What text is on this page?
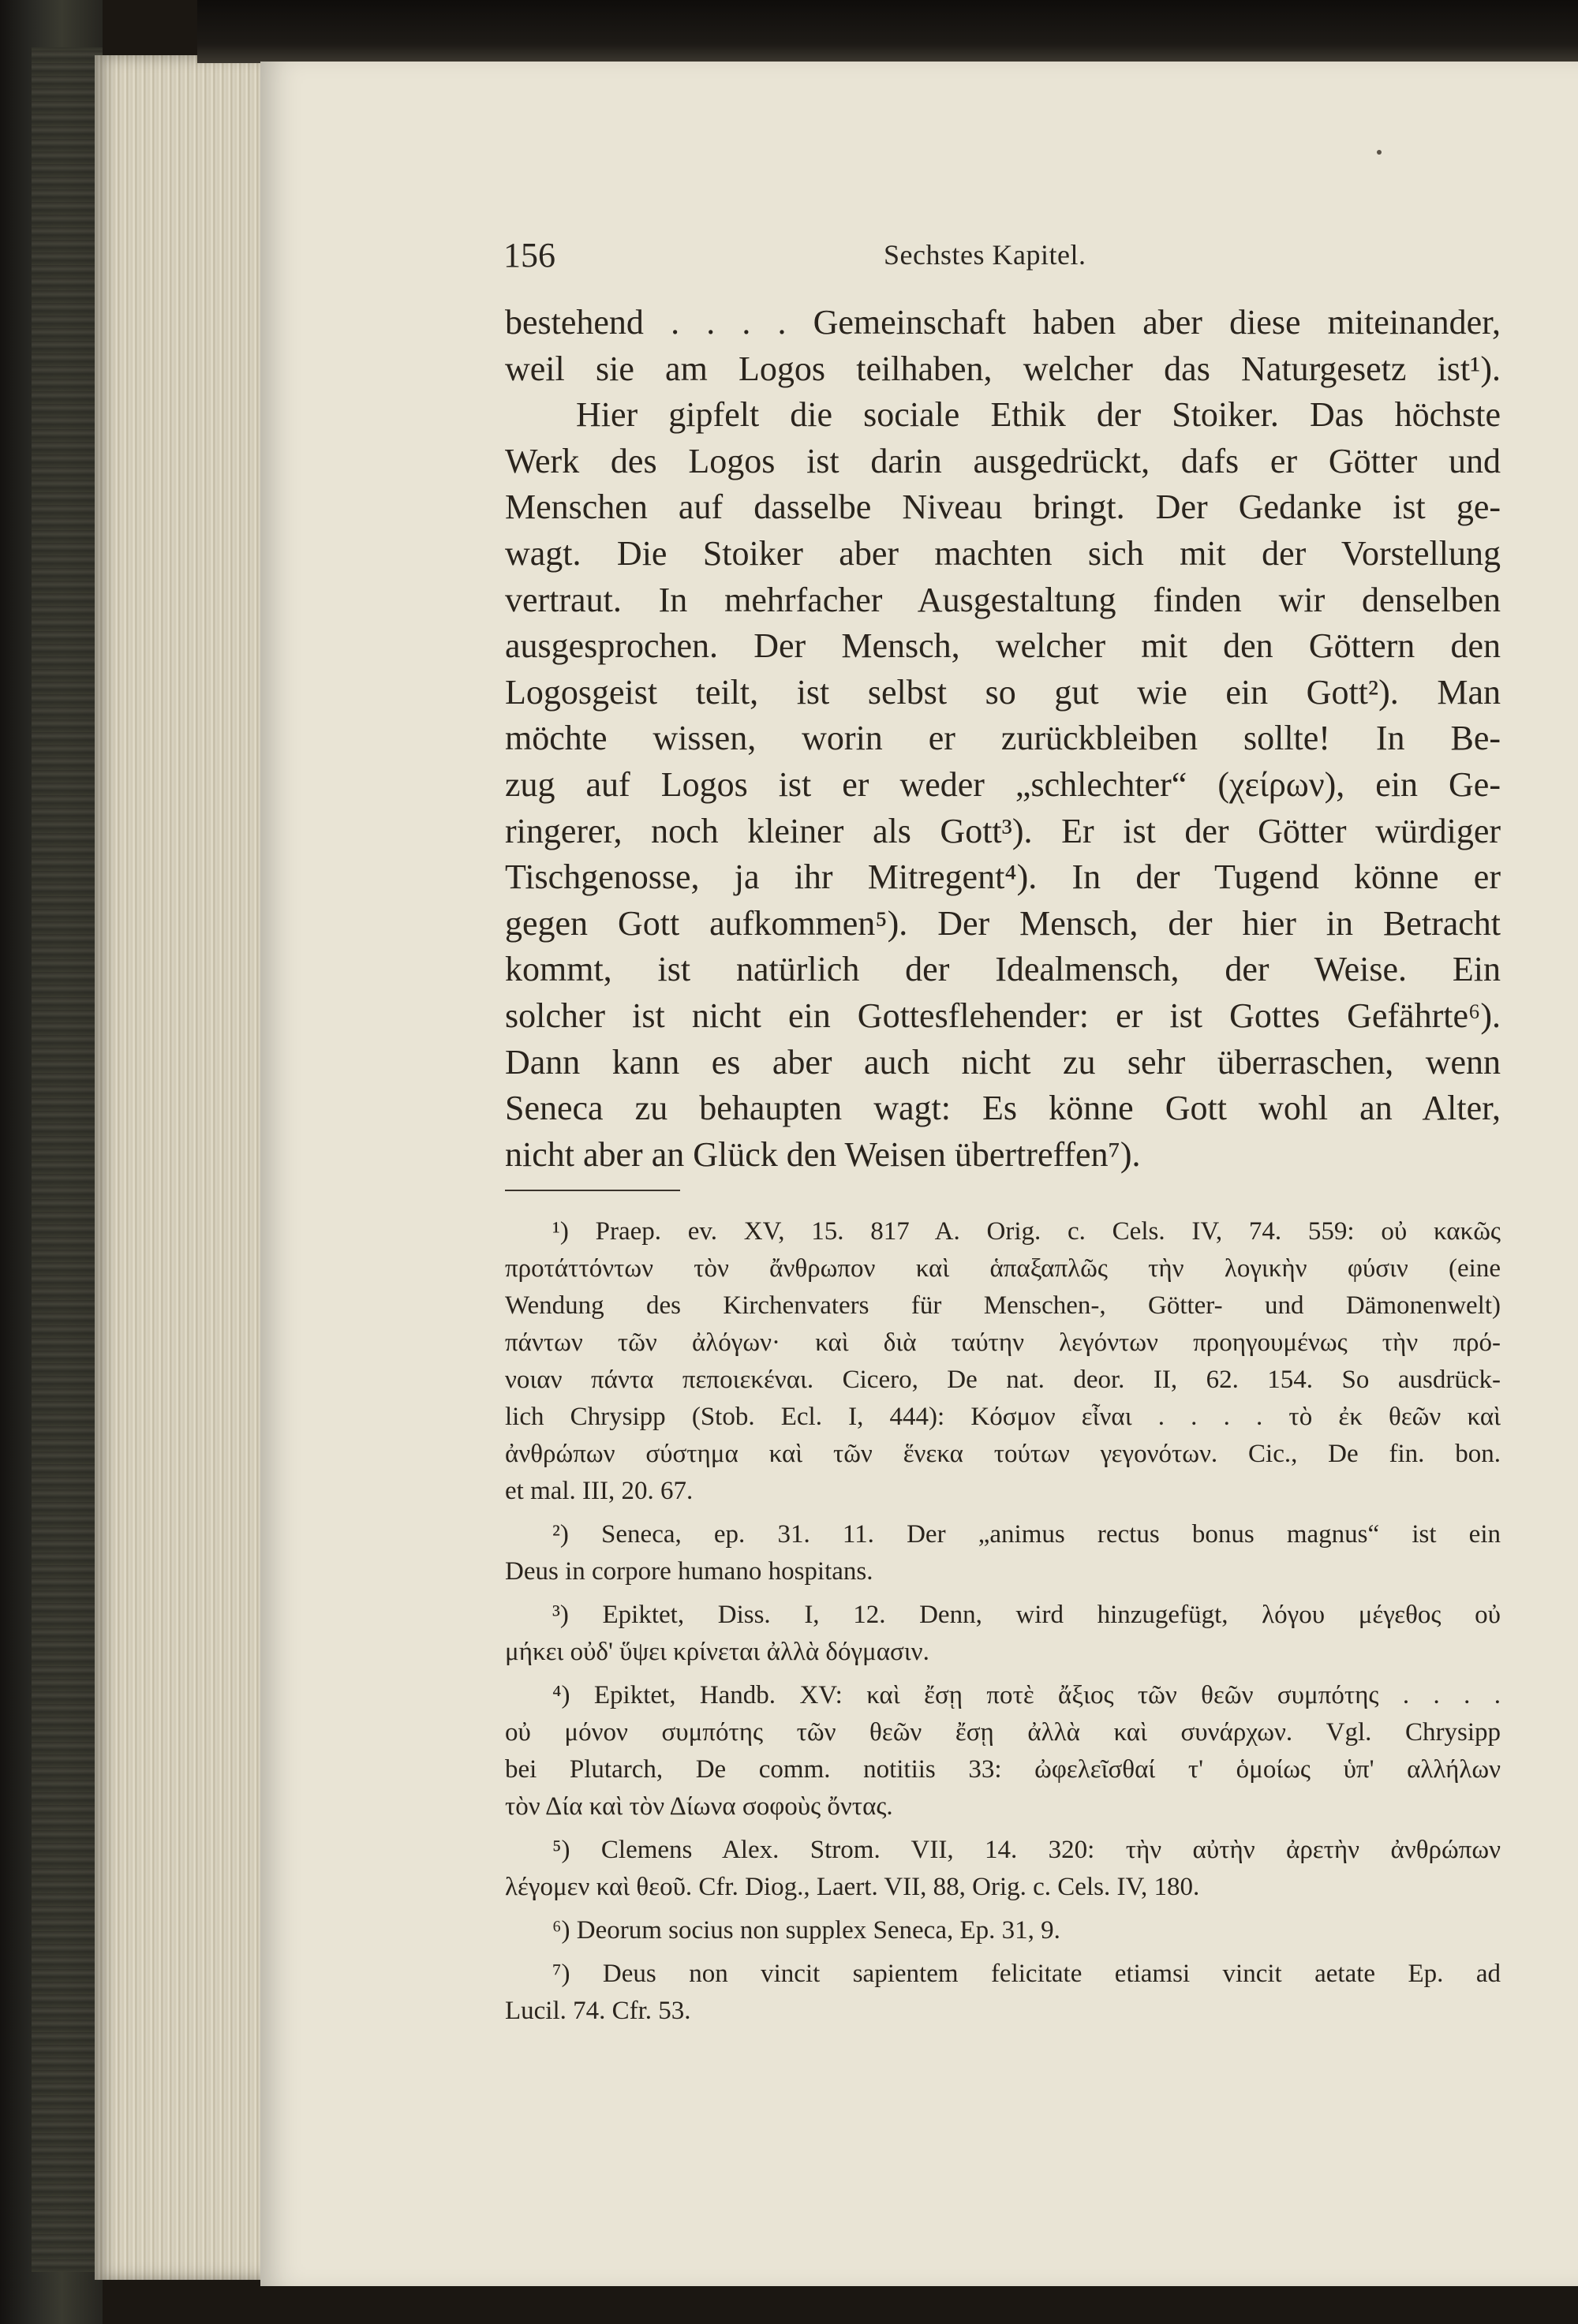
156	Sechstes Kapitel.
bestehend . . . . Gemeinschaft haben aber diese miteinander,
weil sie am Logos teilhaben, welcher das Naturgesetz ist¹).
Hier gipfelt die sociale Ethik der Stoiker. Das höchste
Werk des Logos ist darin ausgedrückt, dafs er Götter und
Menschen auf dasselbe Niveau bringt. Der Gedanke ist ge-
wagt. Die Stoiker aber machten sich mit der Vorstellung
vertraut. In mehrfacher Ausgestaltung finden wir denselben
ausgesprochen. Der Mensch, welcher mit den Göttern den
Logosgeist teilt, ist selbst so gut wie ein Gott²). Man
möchte wissen, worin er zurückbleiben sollte! In Be-
zug auf Logos ist er weder „schlechter“ (χείρων), ein Ge-
ringerer, noch kleiner als Gott³). Er ist der Götter würdiger
Tischgenosse, ja ihr Mitregent⁴). In der Tugend könne er
gegen Gott aufkommen⁵). Der Mensch, der hier in Betracht
kommt, ist natürlich der Idealmensch, der Weise. Ein
solcher ist nicht ein Gottesflehender: er ist Gottes Gefährte⁶).
Dann kann es aber auch nicht zu sehr überraschen, wenn
Seneca zu behaupten wagt: Es könne Gott wohl an Alter,
nicht aber an Glück den Weisen übertreffen⁷).
¹) Praep. ev. XV, 15. 817 A. Orig. c. Cels. IV, 74. 559: οὐ κακῶς
προτάττόντων τὸν ἄνθρωπον καὶ ἁπαξαπλῶς τὴν λογικὴν φύσιν (eine
Wendung des Kirchenvaters für Menschen-, Götter- und Dämonenwelt)
πάντων τῶν ἀλόγων· καὶ διὰ ταύτην λεγόντων προηγουμένως τὴν πρό-
νοιαν πάντα πεποιεκέναι. Cicero, De nat. deor. II, 62. 154. So ausdrück-
lich Chrysipp (Stob. Ecl. I, 444): Κόσμον εἶναι . . . . τὸ ἐκ θεῶν καὶ
ἀνθρώπων σύστημα καὶ τῶν ἕνεκα τούτων γεγονότων. Cic., De fin. bon.
et mal. III, 20. 67.
²) Seneca, ep. 31. 11. Der „animus rectus bonus magnus“ ist ein
Deus in corpore humano hospitans.
³) Epiktet, Diss. I, 12. Denn, wird hinzugefügt, λόγου μέγεθος οὐ
μήκει οὐδ' ὕψει κρίνεται ἀλλὰ δόγμασιν.
⁴) Epiktet, Handb. XV: καὶ ἔσῃ ποτὲ ἄξιος τῶν θεῶν συμπότης . . . .
οὐ μόνον συμπότης τῶν θεῶν ἔσῃ ἀλλὰ καὶ συνάρχων. Vgl. Chrysipp
bei Plutarch, De comm. notitiis 33: ὠφελεῖσθαί τ' ὁμοίως ὑπ' αλλήλων
τὸν Δία καὶ τὸν Δίωνα σοφοὺς ὄντας.
⁵) Clemens Alex. Strom. VII, 14. 320: τὴν αὐτὴν ἀρετὴν ἀνθρώπων
λέγομεν καὶ θεοῦ. Cfr. Diog., Laert. VII, 88, Orig. c. Cels. IV, 180.
⁶) Deorum socius non supplex Seneca, Ep. 31, 9.
⁷) Deus non vincit sapientem felicitate etiamsi vincit aetate Ep. ad
Lucil. 74. Cfr. 53.
